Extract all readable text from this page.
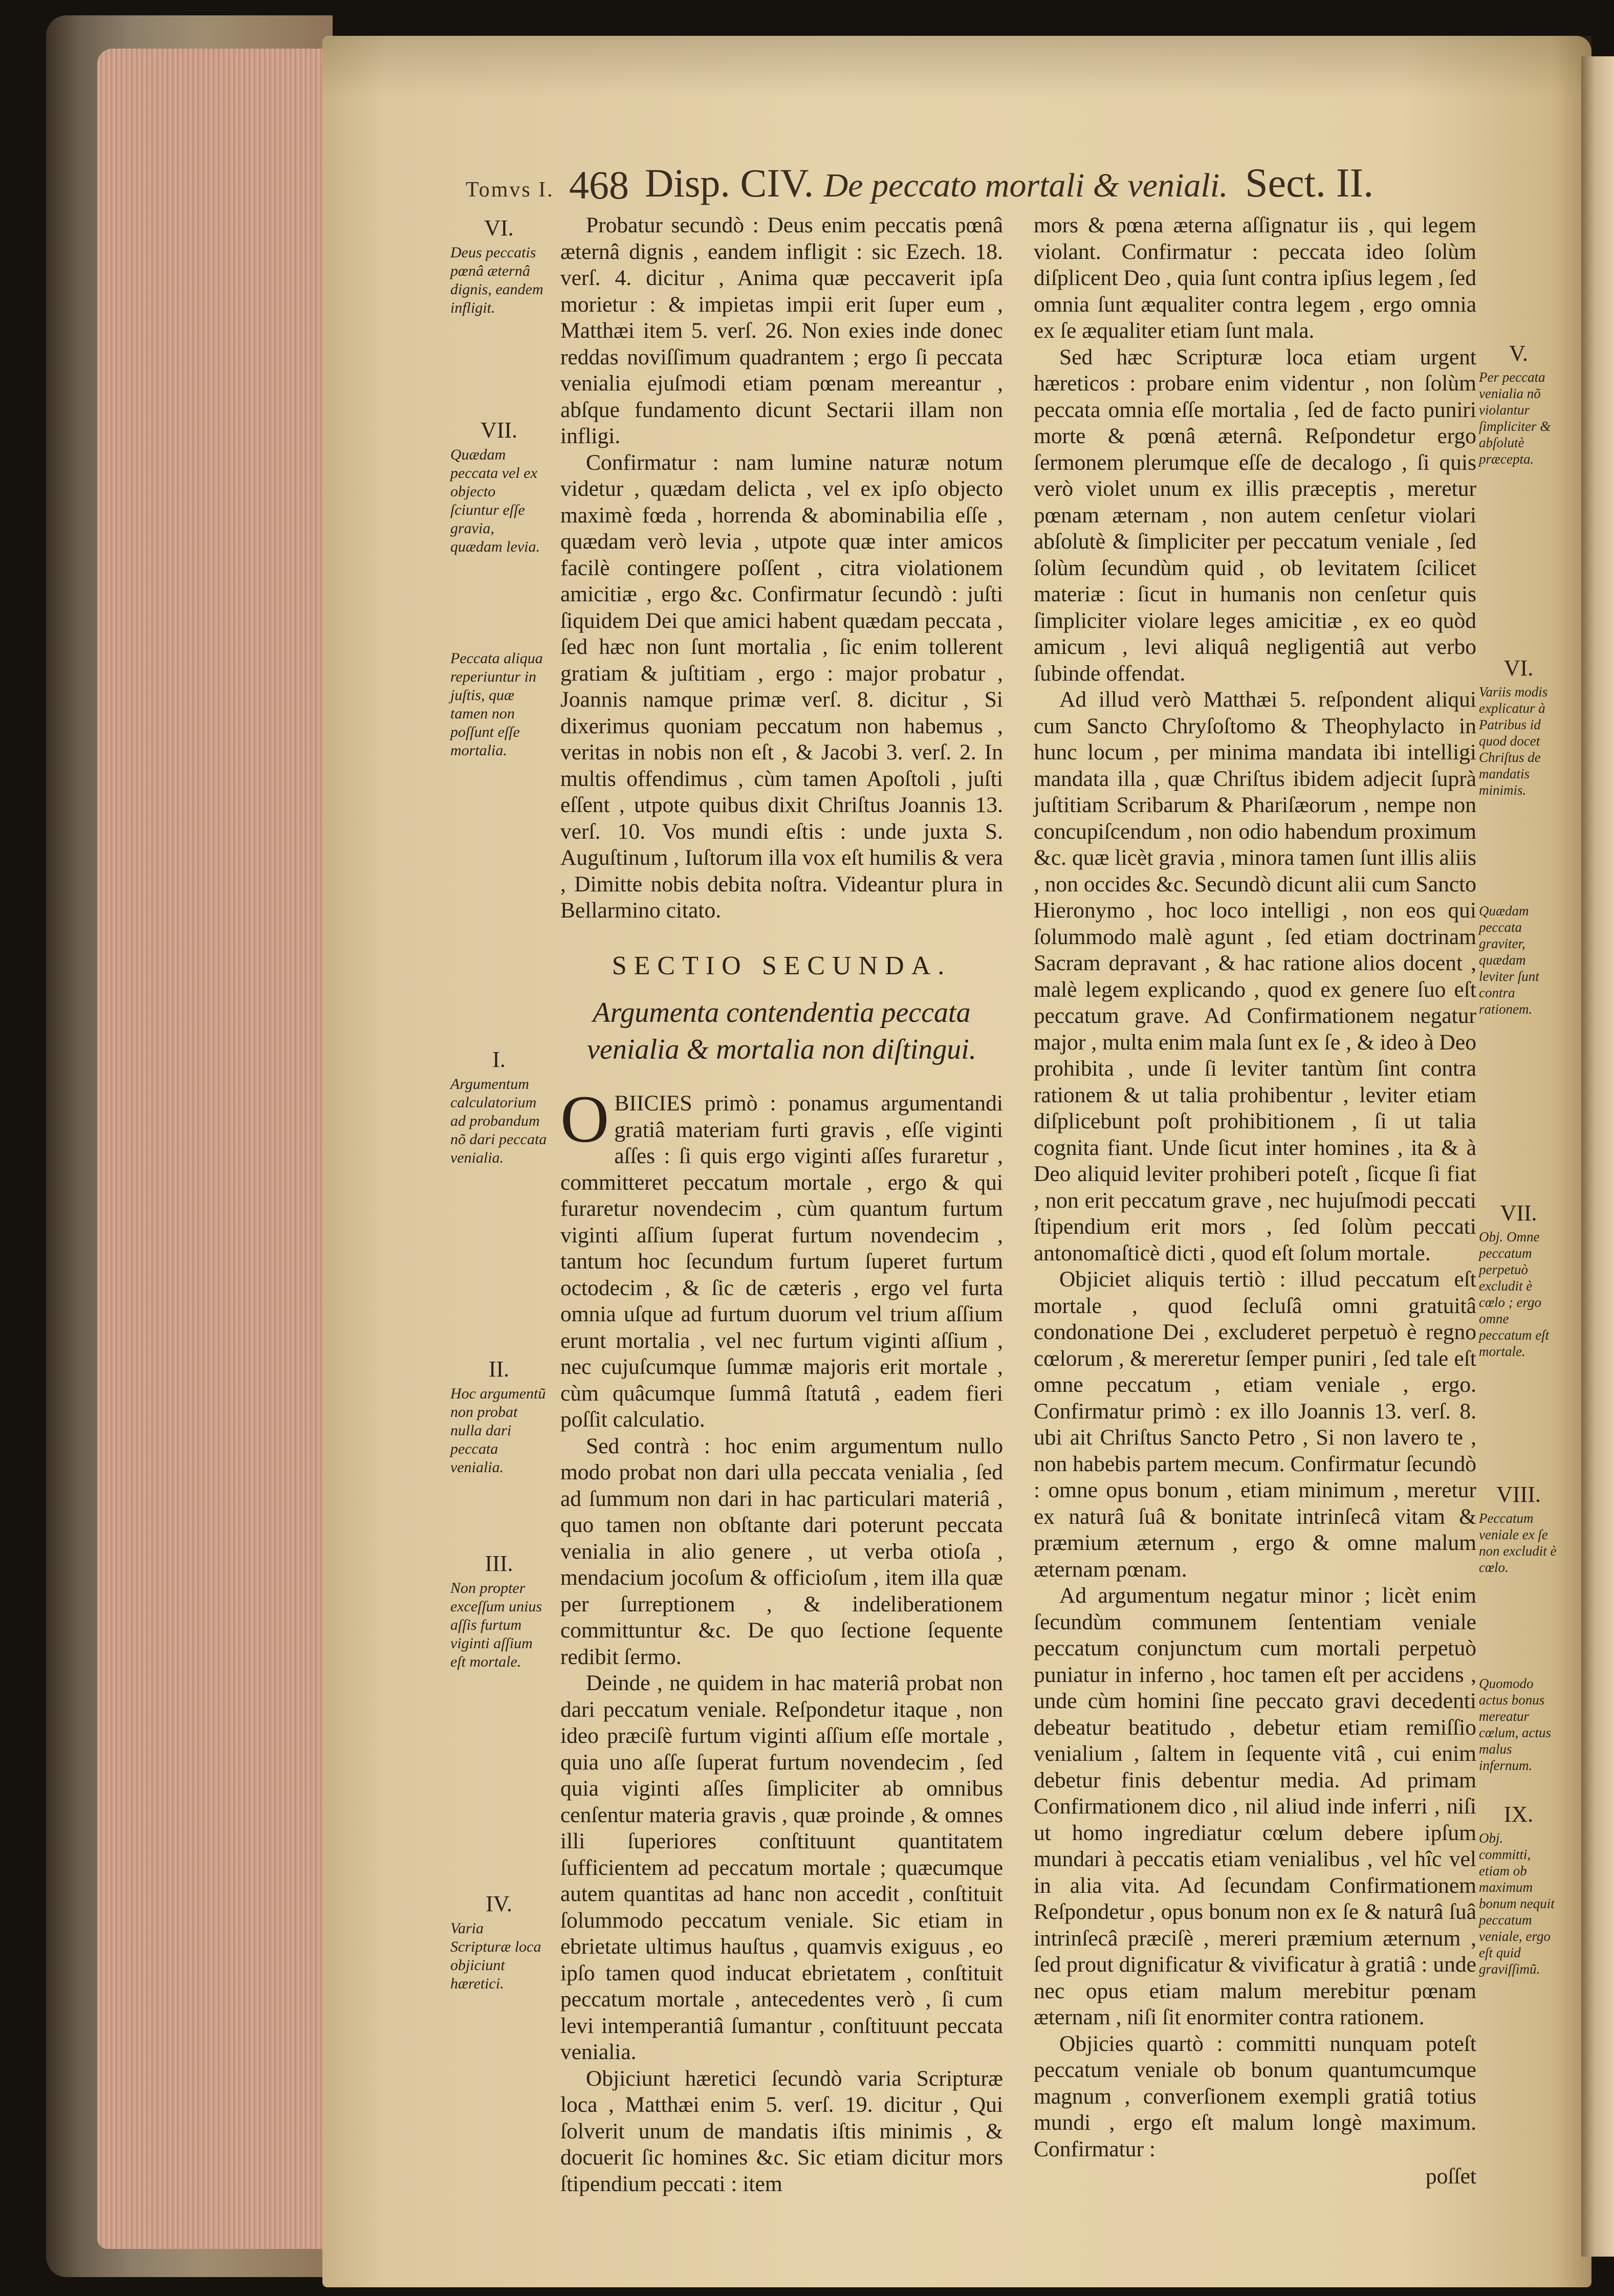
Tomvs I. 468 Disp. CIV. De peccato mortali & veniali. Sect. II.

Probatur secundò : Deus enim peccatis pœnâ æternâ dignis , eandem infligit : sic Ezech. 18. verſ. 4. dicitur , Anima quæ peccaverit ipſa morietur : & impietas impii erit ſuper eum , Matthæi item 5. verſ. 26. Non exies inde donec reddas noviſſimum quadrantem ; ergo ſi peccata venialia ejuſmodi etiam pœnam mereantur , abſque fundamento dicunt Sectarii illam non infligi.

Confirmatur : nam lumine naturæ notum videtur , quædam delicta , vel ex ipſo objecto maximè fœda , horrenda & abominabilia eſſe , quædam verò levia , utpote quæ inter amicos facilè contingere poſſent , citra violationem amicitiæ , ergo &c. Confirmatur ſecundò : juſti ſiquidem Dei que amici habent quædam peccata , ſed hæc non ſunt mortalia , ſic enim tollerent gratiam & juſtitiam , ergo : major probatur , Joannis namque primæ verſ. 8. dicitur , Si dixerimus quoniam peccatum non habemus , veritas in nobis non eſt , & Jacobi 3. verſ. 2. In multis offendimus , cùm tamen Apoſtoli , juſti eſſent , utpote quibus dixit Chriſtus Joannis 13. verſ. 10. Vos mundi eſtis : unde juxta S. Auguſtinum , Iuſtorum illa vox eſt humilis & vera , Dimitte nobis debita noſtra. Videantur plura in Bellarmino citato.

SECTIO SECUNDA.
Argumenta contendentia peccata venialia & mortalia non diſtingui.

OBIICIES primò : ponamus argumentandi gratiâ materiam furti gravis , eſſe viginti aſſes : ſi quis ergo viginti aſſes furaretur , committeret peccatum mortale , ergo & qui furaretur novendecim , cùm quantum furtum viginti aſſium ſuperat furtum novendecim , tantum hoc ſecundum furtum ſuperet furtum octodecim , & ſic de cæteris , ergo vel furta omnia uſque ad furtum duorum vel trium aſſium erunt mortalia , vel nec furtum viginti aſſium , nec cujuſcumque ſummæ majoris erit mortale , cùm quâcumque ſummâ ſtatutâ , eadem fieri poſſit calculatio.

Sed contrà : hoc enim argumentum nullo modo probat non dari ulla peccata venialia , ſed ad ſummum non dari in hac particulari materiâ , quo tamen non obſtante dari poterunt peccata venialia in alio genere , ut verba otioſa , mendacium jocoſum & officioſum , item illa quæ per ſurreptionem , & indeliberationem committuntur &c. De quo ſectione ſequente redibit ſermo.

Deinde , ne quidem in hac materiâ probat non dari peccatum veniale. Reſpondetur itaque , non ideo præciſè furtum viginti aſſium eſſe mortale , quia uno aſſe ſuperat furtum novendecim , ſed quia viginti aſſes ſimpliciter ab omnibus cenſentur materia gravis , quæ proinde , & omnes illi ſuperiores conſtituunt quantitatem ſufficientem ad peccatum mortale ; quæcumque autem quantitas ad hanc non accedit , conſtituit ſolummodo peccatum veniale. Sic etiam in ebrietate ultimus hauſtus , quamvis exiguus , eo ipſo tamen quod inducat ebrietatem , conſtituit peccatum mortale , antecedentes verò , ſi cum levi intemperantiâ ſumantur , conſtituunt peccata venialia.

Objiciunt hæretici ſecundò varia Scripturæ loca , Matthæi enim 5. verſ. 19. dicitur , Qui ſolverit unum de mandatis iſtis minimis , & docuerit ſic homines &c. Sic etiam dicitur mors ſtipendium peccati : item

mors & pœna æterna aſſignatur iis , qui legem violant. Confirmatur : peccata ideo ſolùm diſplicent Deo , quia ſunt contra ipſius legem , ſed omnia ſunt æqualiter contra legem , ergo omnia ex ſe æqualiter etiam ſunt mala.

Sed hæc Scripturæ loca etiam urgent hæreticos : probare enim videntur , non ſolùm peccata omnia eſſe mortalia , ſed de facto puniri morte & pœnâ æternâ. Reſpondetur ergo ſermonem plerumque eſſe de decalogo , ſi quis verò violet unum ex illis præceptis , meretur pœnam æternam , non autem cenſetur violari abſolutè & ſimpliciter per peccatum veniale , ſed ſolùm ſecundùm quid , ob levitatem ſcilicet materiæ : ſicut in humanis non cenſetur quis ſimpliciter violare leges amicitiæ , ex eo quòd amicum , levi aliquâ negligentiâ aut verbo ſubinde offendat.

Ad illud verò Matthæi 5. reſpondent aliqui cum Sancto Chryſoſtomo & Theophylacto in hunc locum , per minima mandata ibi intelligi mandata illa , quæ Chriſtus ibidem adjecit ſuprà juſtitiam Scribarum & Phariſæorum , nempe non concupiſcendum , non odio habendum proximum &c. quæ licèt gravia , minora tamen ſunt illis aliis , non occides &c. Secundò dicunt alii cum Sancto Hieronymo , hoc loco intelligi , non eos qui ſolummodo malè agunt , ſed etiam doctrinam Sacram depravant , & hac ratione alios docent , malè legem explicando , quod ex genere ſuo eſt peccatum grave. Ad Confirmationem negatur major , multa enim mala ſunt ex ſe , & ideo à Deo prohibita , unde ſi leviter tantùm ſint contra rationem & ut talia prohibentur , leviter etiam diſplicebunt poſt prohibitionem , ſi ut talia cognita fiant. Unde ſicut inter homines , ita & à Deo aliquid leviter prohiberi poteſt , ſicque ſi fiat , non erit peccatum grave , nec hujuſmodi peccati ſtipendium erit mors , ſed ſolùm peccati antonomaſticè dicti , quod eſt ſolum mortale.

Objiciet aliquis tertiò : illud peccatum eſt mortale , quod ſecluſâ omni gratuitâ condonatione Dei , excluderet perpetuò è regno cœlorum , & mereretur ſemper puniri , ſed tale eſt omne peccatum , etiam veniale , ergo. Confirmatur primò : ex illo Joannis 13. verſ. 8. ubi ait Chriſtus Sancto Petro , Si non lavero te , non habebis partem mecum. Confirmatur ſecundò : omne opus bonum , etiam minimum , meretur ex naturâ ſuâ & bonitate intrinſecâ vitam & præmium æternum , ergo & omne malum æternam pœnam.

Ad argumentum negatur minor ; licèt enim ſecundùm communem ſententiam veniale peccatum conjunctum cum mortali perpetuò puniatur in inferno , hoc tamen eſt per accidens , unde cùm homini ſine peccato gravi decedenti debeatur beatitudo , debetur etiam remiſſio venialium , ſaltem in ſequente vitâ , cui enim debetur finis debentur media. Ad primam Confirmationem dico , nil aliud inde inferri , niſi ut homo ingrediatur cœlum debere ipſum mundari à peccatis etiam venialibus , vel hîc vel in alia vita. Ad ſecundam Confirmationem Reſpondetur , opus bonum non ex ſe & naturâ ſuâ intrinſecâ præciſè , mereri præmium æternum , ſed prout dignificatur & vivificatur à gratiâ : unde nec opus etiam malum merebitur pœnam æternam , niſi ſit enormiter contra rationem.

Objicies quartò : committi nunquam poteſt peccatum veniale ob bonum quantumcumque magnum , converſionem exempli gratiâ totius mundi , ergo eſt malum longè maximum. Confirmatur :

poſſet
VI.
Deus peccatis pœnâ æternâ dignis, eandem infligit.
VII.
Quædam peccata vel ex objecto ſciuntur eſſe gravia, quædam levia.
Peccata aliqua reperiuntur in juſtis, quæ tamen non poſſunt eſſe mortalia.
I.
Argumentum calculatorium ad probandum nõ dari peccata venialia.
II.
Hoc argumentũ non probat nulla dari peccata venialia.
III.
Non propter exceſſum unius aſſis furtum viginti aſſium eſt mortale.
IV.
Varia Scripturæ loca objiciunt hæretici.
V.
Per peccata venialia nõ violantur ſimpliciter & abſolutè præcepta.
VI.
Variis modis explicatur à Patribus id quod docet Chriſtus de mandatis minimis.
Quædam peccata graviter, quædam leviter ſunt contra rationem.
VII.
Obj. Omne peccatum perpetuò excludit è cœlo ; ergo omne peccatum eſt mortale.
VIII.
Peccatum veniale ex ſe non excludit è cœlo.
Quomodo actus bonus mereatur cœlum, actus malus infernum.
IX.
Obj. committi, etiam ob maximum bonum nequit peccatum veniale, ergo eſt quid graviſſimũ.
